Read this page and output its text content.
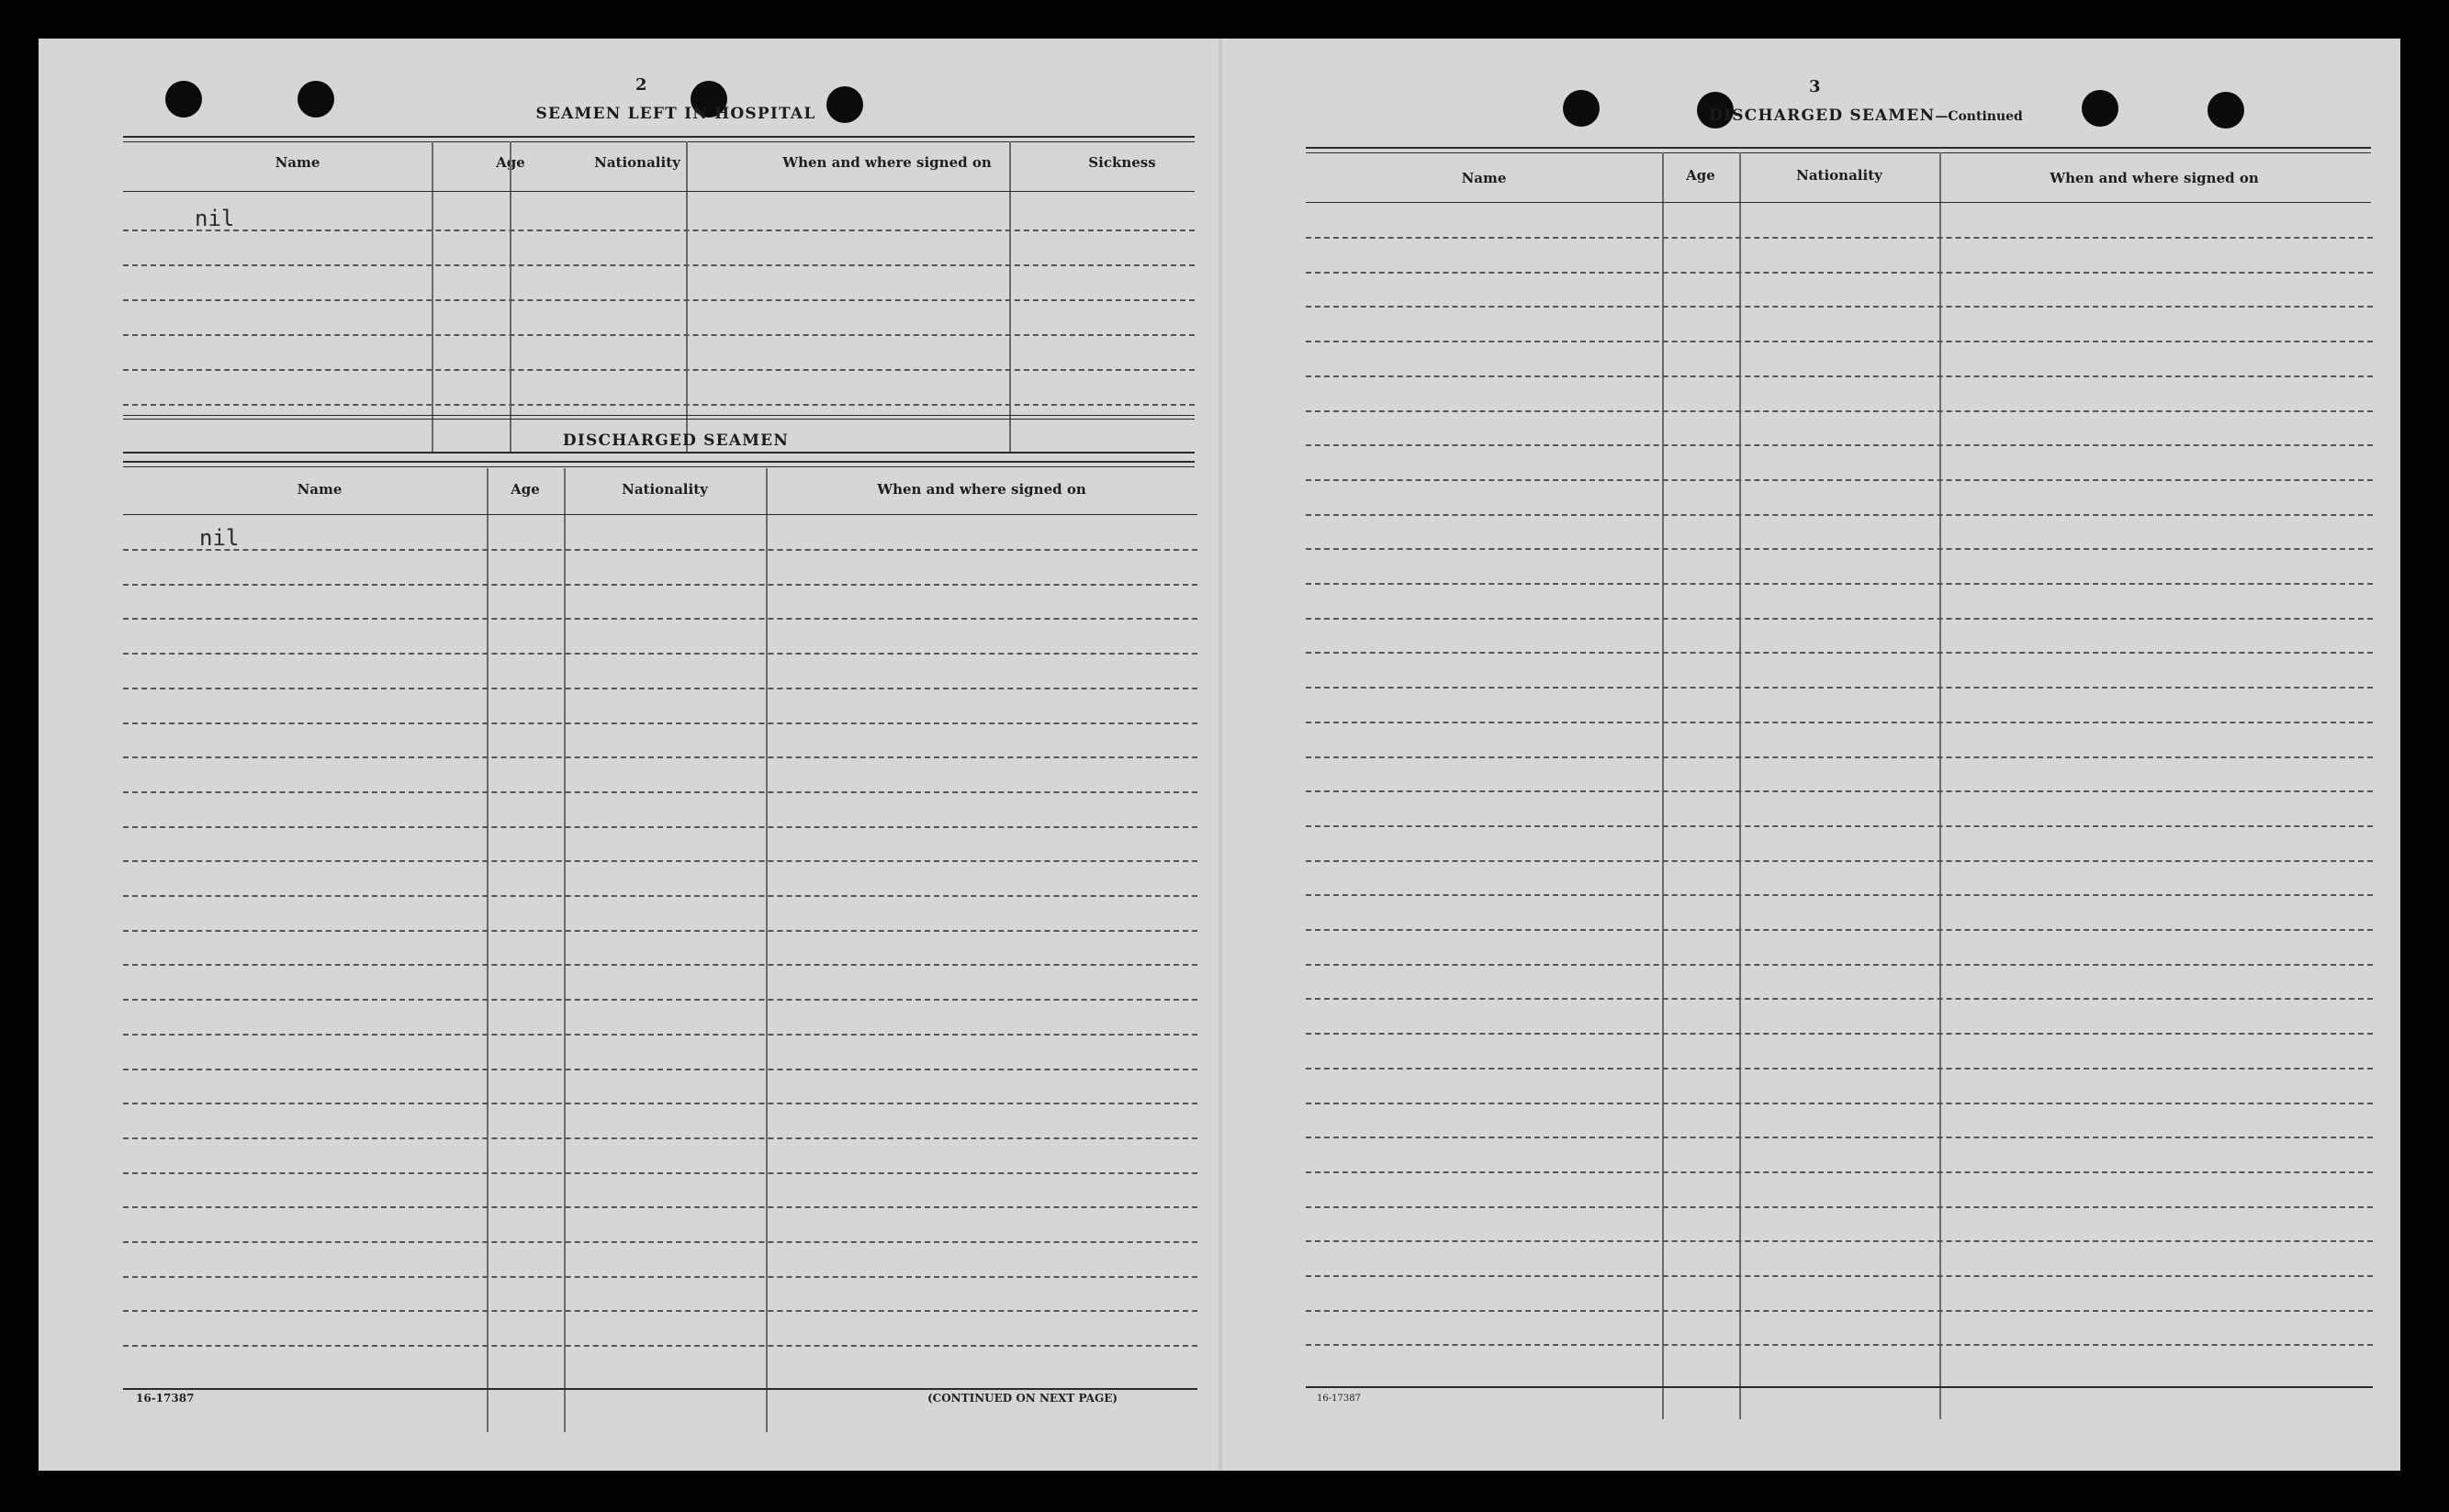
2
SEAMEN LEFT IN HOSPITAL
Name	Age	Nationality	When and where signed on	Sickness
nil
DISCHARGED SEAMEN
Name	Age	Nationality	When and where signed on
nil
16-17387	(CONTINUED ON NEXT PAGE)
3
DISCHARGED SEAMEN—Continued
Name	Age	Nationality	When and where signed on
16-17387
